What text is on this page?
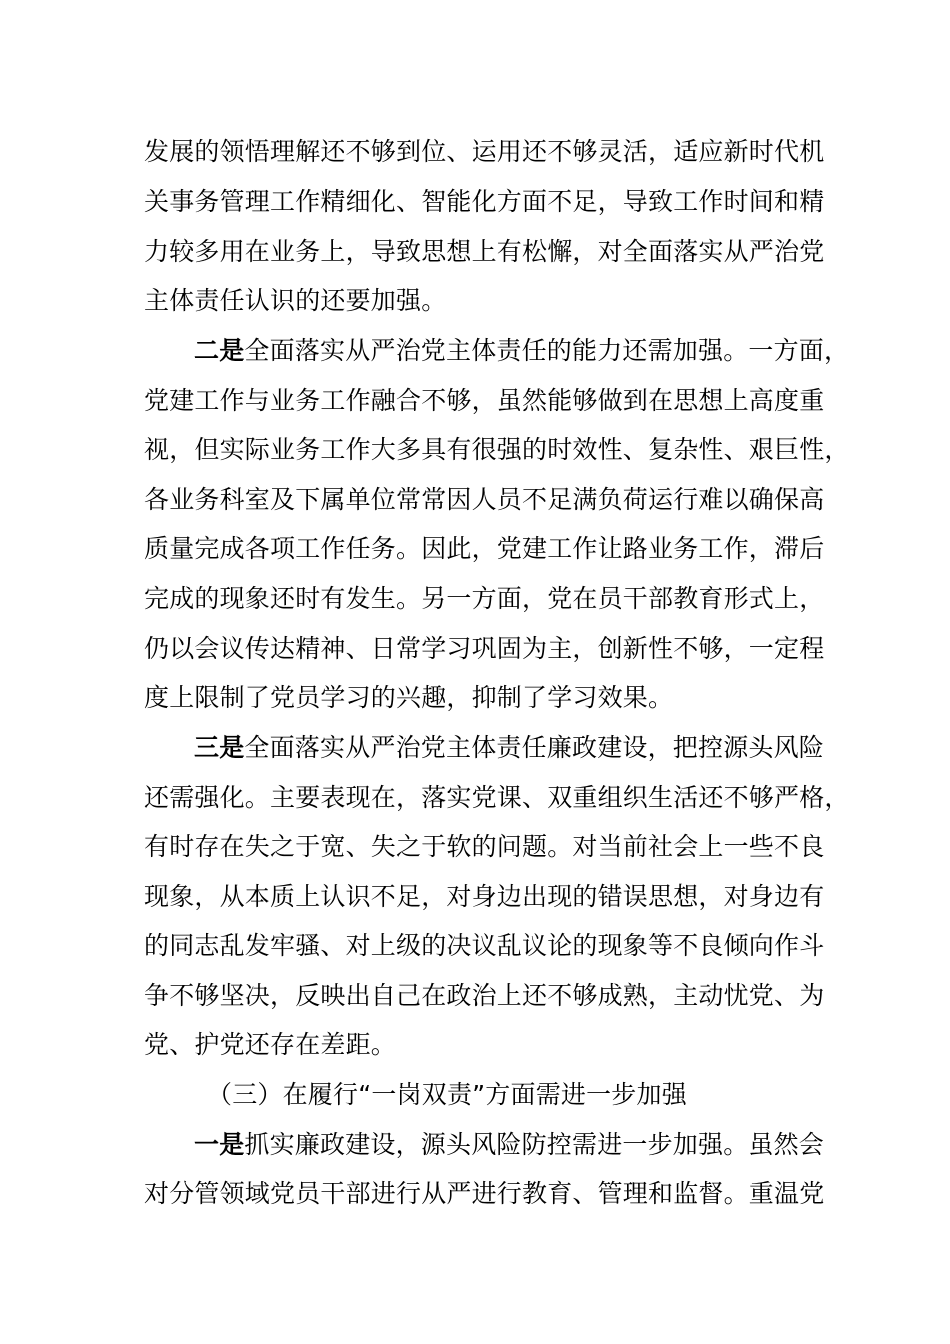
发展的领悟理解还不够到位、运用还不够灵活，适应新时代机
关事务管理工作精细化、智能化方面不足，导致工作时间和精
力较多用在业务上，导致思想上有松懈，对全面落实从严治党
主体责任认识的还要加强。
二是全面落实从严治党主体责任的能力还需加强。一方面，
党建工作与业务工作融合不够，虽然能够做到在思想上高度重
视，但实际业务工作大多具有很强的时效性、复杂性、艰巨性，
各业务科室及下属单位常常因人员不足满负荷运行难以确保高
质量完成各项工作任务。因此，党建工作让路业务工作，滞后
完成的现象还时有发生。另一方面，党在员干部教育形式上，
仍以会议传达精神、日常学习巩固为主，创新性不够，一定程
度上限制了党员学习的兴趣，抑制了学习效果。
三是全面落实从严治党主体责任廉政建设，把控源头风险
还需强化。主要表现在，落实党课、双重组织生活还不够严格，
有时存在失之于宽、失之于软的问题。对当前社会上一些不良
现象，从本质上认识不足，对身边出现的错误思想，对身边有
的同志乱发牢骚、对上级的决议乱议论的现象等不良倾向作斗
争不够坚决，反映出自己在政治上还不够成熟，主动忧党、为
党、护党还存在差距。
（三）在履行“一岗双责”方面需进一步加强
一是抓实廉政建设，源头风险防控需进一步加强。虽然会
对分管领域党员干部进行从严进行教育、管理和监督。重温党
